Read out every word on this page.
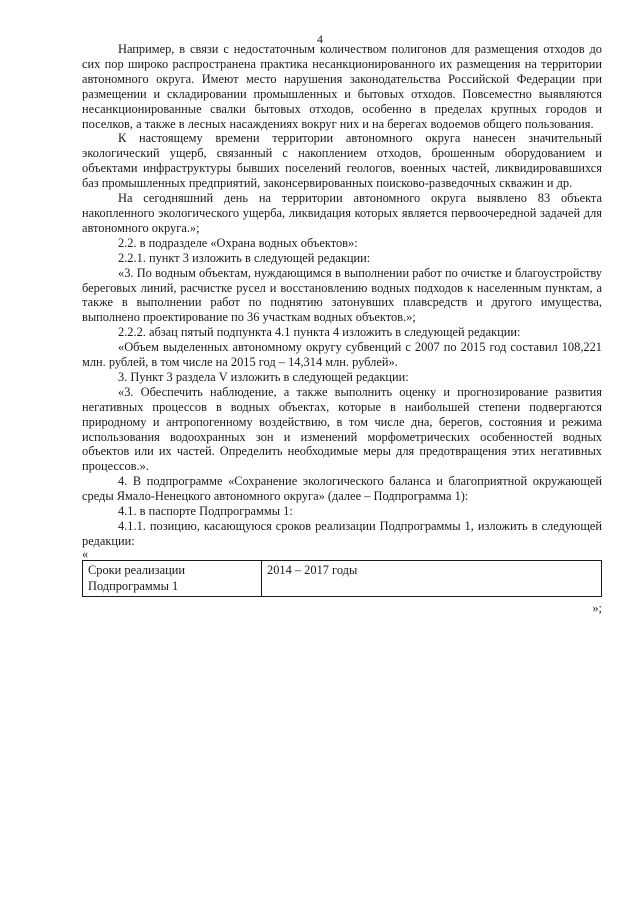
4

Например, в связи с недостаточным количеством полигонов для размещения отходов до сих пор широко распространена практика несанкционированного их размещения на территории автономного округа. Имеют место нарушения законодательства Российской Федерации при размещении и складировании промышленных и бытовых отходов. Повсеместно выявляются несанкционированные свалки бытовых отходов, особенно в пределах крупных городов и поселков, а также в лесных насаждениях вокруг них и на берегах водоемов общего пользования.

К настоящему времени территории автономного округа нанесен значительный экологический ущерб, связанный с накоплением отходов, брошенным оборудованием и объектами инфраструктуры бывших поселений геологов, военных частей, ликвидировавшихся баз промышленных предприятий, законсервированных поисково-разведочных скважин и др.

На сегодняшний день на территории автономного округа выявлено 83 объекта накопленного экологического ущерба, ликвидация которых является первоочередной задачей для автономного округа.»;

2.2. в подразделе «Охрана водных объектов»:

2.2.1. пункт 3 изложить в следующей редакции:

«3. По водным объектам, нуждающимся в выполнении работ по очистке и благоустройству береговых линий, расчистке русел и восстановлению водных подходов к населенным пунктам, а также в выполнении работ по поднятию затонувших плавсредств и другого имущества, выполнено проектирование по 36 участкам водных объектов.»;

2.2.2. абзац пятый подпункта 4.1 пункта 4 изложить в следующей редакции:

«Объем выделенных автономному округу субвенций с 2007 по 2015 год составил 108,221 млн. рублей, в том числе на 2015 год – 14,314 млн. рублей».

3. Пункт 3 раздела V изложить в следующей редакции:

«3. Обеспечить наблюдение, а также выполнить оценку и прогнозирование развития негативных процессов в водных объектах, которые в наибольшей степени подвергаются природному и антропогенному воздействию, в том числе дна, берегов, состояния и режима использования водоохранных зон и изменений морфометрических особенностей водных объектов или их частей. Определить необходимые меры для предотвращения этих негативных процессов.».

4. В подпрограмме «Сохранение экологического баланса и благоприятной окружающей среды Ямало-Ненецкого автономного округа» (далее – Подпрограмма 1):

4.1. в паспорте Подпрограммы 1:

4.1.1. позицию, касающуюся сроков реализации Подпрограммы 1, изложить в следующей редакции:

«
Сроки реализации Подпрограммы 1	2014 – 2017 годы
»;
